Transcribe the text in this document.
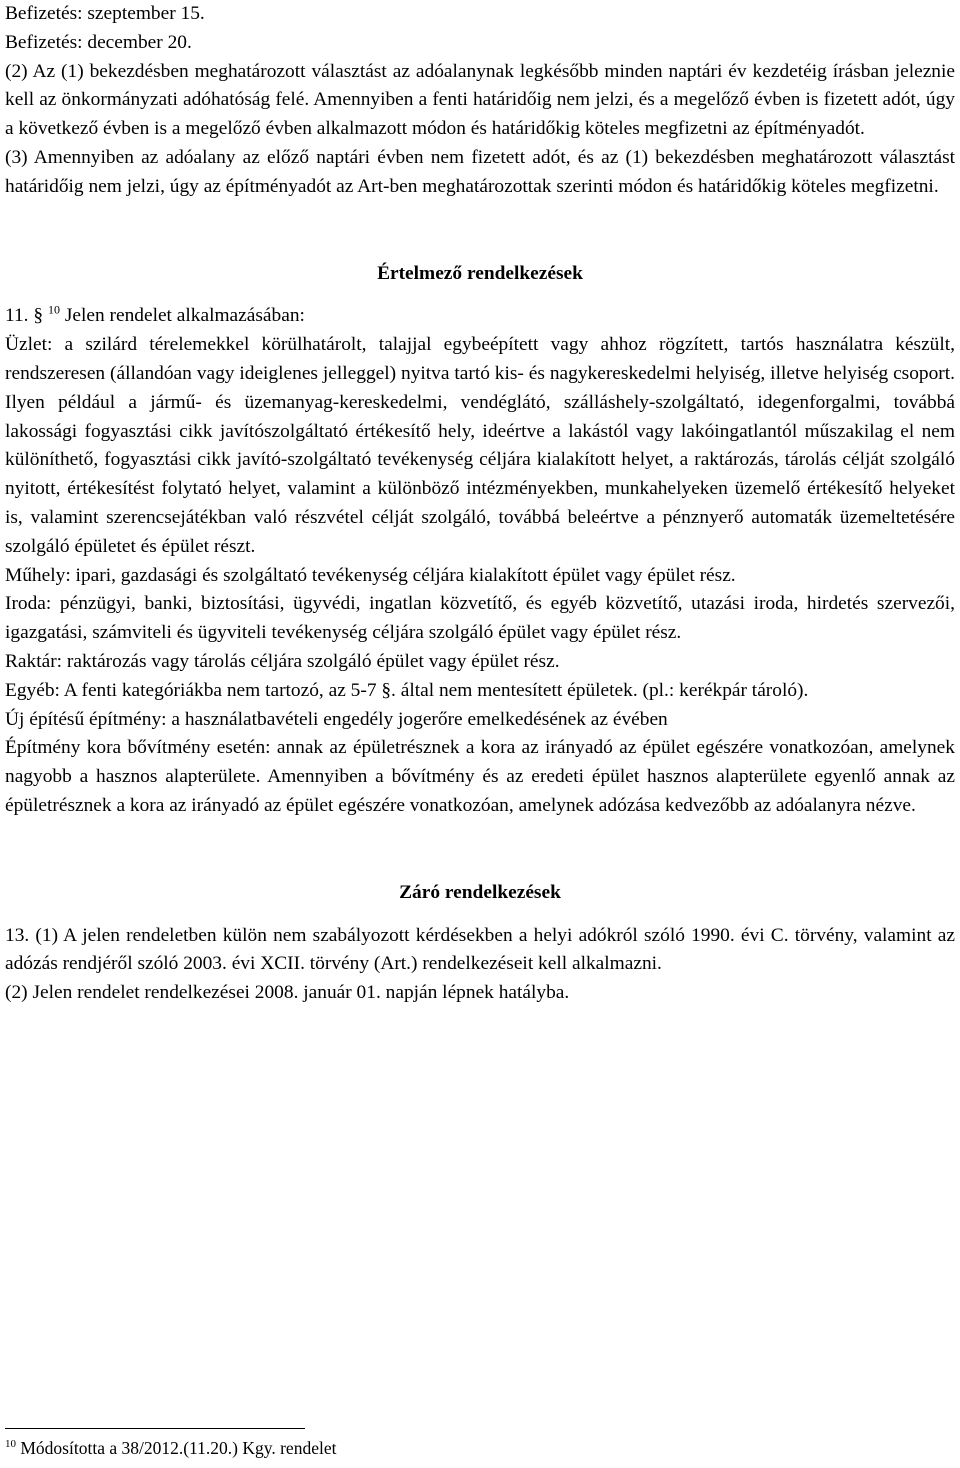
Befizetés: szeptember 15.

Befizetés: december 20.

(2) Az (1) bekezdésben meghatározott választást az adóalanynak legkésőbb minden naptári év kezdetéig írásban jeleznie kell az önkormányzati adóhatóság felé. Amennyiben a fenti határidőig nem jelzi, és a megelőző évben is fizetett adót, úgy a következő évben is a megelőző évben alkalmazott módon és határidőkig köteles megfizetni az építményadót.

(3) Amennyiben az adóalany az előző naptári évben nem fizetett adót, és az (1) bekezdésben meghatározott választást határidőig nem jelzi, úgy az építményadót az Art-ben meghatározottak szerinti módon és határidőkig köteles megfizetni.

Értelmező rendelkezések

11. § $^{10}$ Jelen rendelet alkalmazásában:

Üzlet: a szilárd térelemekkel körülhatárolt, talajjal egybeépített vagy ahhoz rögzített, tartós használatra készült, rendszeresen (állandóan vagy ideiglenes jelleggel) nyitva tartó kis- és nagykereskedelmi helyiség, illetve helyiség csoport. Ilyen például a jármű- és üzemanyag-kereskedelmi, vendéglátó, szálláshely-szolgáltató, idegenforgalmi, továbbá lakossági fogyasztási cikk javítószolgáltató értékesítő hely, ideértve a lakástól vagy lakóingatlantól műszakilag el nem különíthető, fogyasztási cikk javító-szolgáltató tevékenység céljára kialakított helyet, a raktározás, tárolás célját szolgáló nyitott, értékesítést folytató helyet, valamint a különböző intézményekben, munkahelyeken üzemelő értékesítő helyeket is, valamint szerencsejátékban való részvétel célját szolgáló, továbbá beleértve a pénznyerő automaták üzemeltetésére szolgáló épületet és épület részt.

Műhely: ipari, gazdasági és szolgáltató tevékenység céljára kialakított épület vagy épület rész.

Iroda: pénzügyi, banki, biztosítási, ügyvédi, ingatlan közvetítő, és egyéb közvetítő, utazási iroda, hirdetés szervezői, igazgatási, számviteli és ügyviteli tevékenység céljára szolgáló épület vagy épület rész.

Raktár: raktározás vagy tárolás céljára szolgáló épület vagy épület rész.

Egyéb: A fenti kategóriákba nem tartozó, az 5-7 §. által nem mentesített épületek. (pl.: kerékpár tároló).

Új építésű építmény: a használatbavételi engedély jogerőre emelkedésének az évében

Építmény kora bővítmény esetén: annak az épületrésznek a kora az irányadó az épület egészére vonatkozóan, amelynek nagyobb a hasznos alapterülete. Amennyiben a bővítmény és az eredeti épület hasznos alapterülete egyenlő annak az épületrésznek a kora az irányadó az épület egészére vonatkozóan, amelynek adózása kedvezőbb az adóalanyra nézve.

Záró rendelkezések

13. (1) A jelen rendeletben külön nem szabályozott kérdésekben a helyi adókról szóló 1990. évi C. törvény, valamint az adózás rendjéről szóló 2003. évi XCII. törvény (Art.) rendelkezéseit kell alkalmazni.

(2) Jelen rendelet rendelkezései 2008. január 01. napján lépnek hatályba.

$^{10}$ Módosította a 38/2012.(11.20.) Kgy. rendelet
